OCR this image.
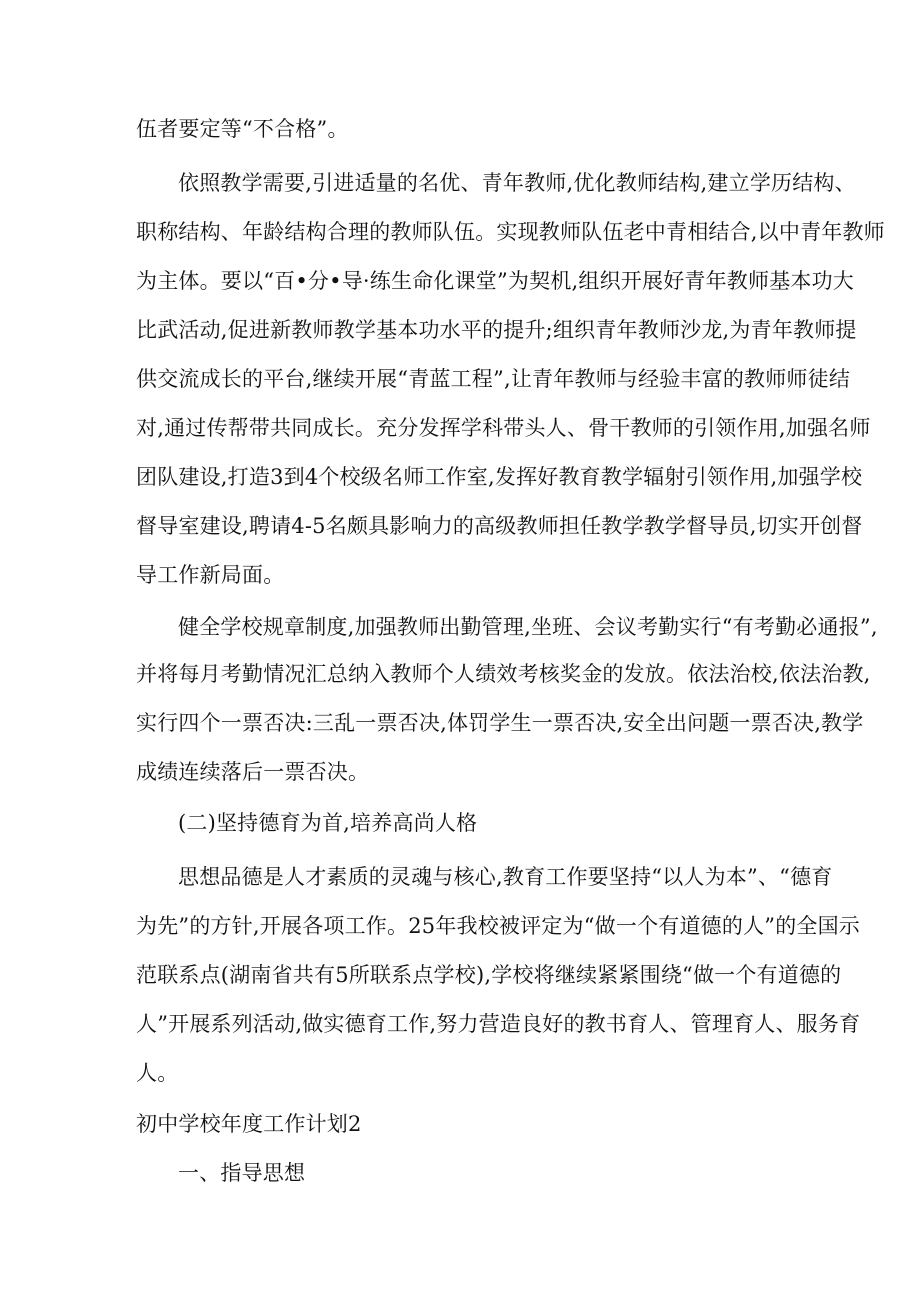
伍者要定等“不合格”。

依照教学需要,引进适量的名优、青年教师,优化教师结构,建立学历结构、

职称结构、年龄结构合理的教师队伍。实现教师队伍老中青相结合,以中青年教师

为主体。要以“百•分•导·练生命化课堂”为契机,组织开展好青年教师基本功大

比武活动,促进新教师教学基本功水平的提升;组织青年教师沙龙,为青年教师提

供交流成长的平台,继续开展“青蓝工程”,让青年教师与经验丰富的教师师徒结

对,通过传帮带共同成长。充分发挥学科带头人、骨干教师的引领作用,加强名师

团队建设,打造3到4个校级名师工作室,发挥好教育教学辐射引领作用,加强学校

督导室建设,聘请4-5名颇具影响力的高级教师担任教学教学督导员,切实开创督

导工作新局面。

健全学校规章制度,加强教师出勤管理,坐班、会议考勤实行“有考勤必通报”,

并将每月考勤情况汇总纳入教师个人绩效考核奖金的发放。依法治校,依法治教,

实行四个一票否决:三乱一票否决,体罚学生一票否决,安全出问题一票否决,教学

成绩连续落后一票否决。

(二)坚持德育为首,培养高尚人格

思想品德是人才素质的灵魂与核心,教育工作要坚持“以人为本”、“德育

为先”的方针,开展各项工作。25年我校被评定为“做一个有道德的人”的全国示

范联系点(湖南省共有5所联系点学校),学校将继续紧紧围绕“做一个有道德的

人”开展系列活动,做实德育工作,努力营造良好的教书育人、管理育人、服务育

人。

初中学校年度工作计划2

一、指导思想
